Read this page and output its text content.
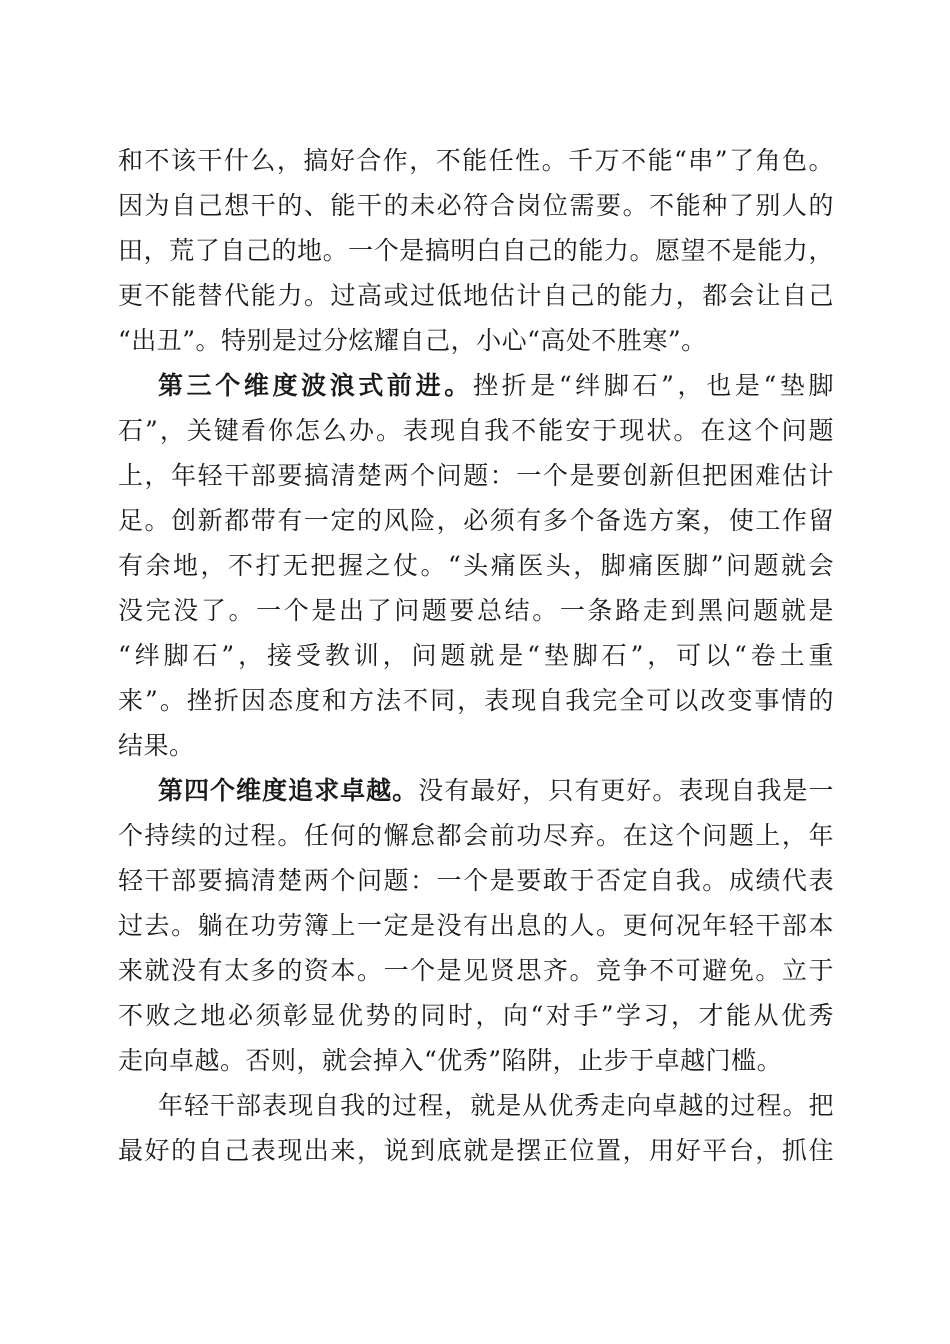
和不该干什么，搞好合作，不能任性。千万不能“串”了角色。
因为自己想干的、能干的未必符合岗位需要。不能种了别人的
田，荒了自己的地。一个是搞明白自己的能力。愿望不是能力，
更不能替代能力。过高或过低地估计自己的能力，都会让自己
“出丑”。特别是过分炫耀自己，小心“高处不胜寒”。
第三个维度波浪式前进。挫折是“绊脚石”，也是“垫脚
石”，关键看你怎么办。表现自我不能安于现状。在这个问题
上，年轻干部要搞清楚两个问题：一个是要创新但把困难估计
足。创新都带有一定的风险，必须有多个备选方案，使工作留
有余地，不打无把握之仗。“头痛医头，脚痛医脚”问题就会
没完没了。一个是出了问题要总结。一条路走到黑问题就是
“绊脚石”，接受教训，问题就是“垫脚石”，可以“卷土重
来”。挫折因态度和方法不同，表现自我完全可以改变事情的
结果。
第四个维度追求卓越。没有最好，只有更好。表现自我是一
个持续的过程。任何的懈怠都会前功尽弃。在这个问题上，年
轻干部要搞清楚两个问题：一个是要敢于否定自我。成绩代表
过去。躺在功劳簿上一定是没有出息的人。更何况年轻干部本
来就没有太多的资本。一个是见贤思齐。竞争不可避免。立于
不败之地必须彰显优势的同时，向“对手”学习，才能从优秀
走向卓越。否则，就会掉入“优秀”陷阱，止步于卓越门槛。
年轻干部表现自我的过程，就是从优秀走向卓越的过程。把
最好的自己表现出来，说到底就是摆正位置，用好平台，抓住
